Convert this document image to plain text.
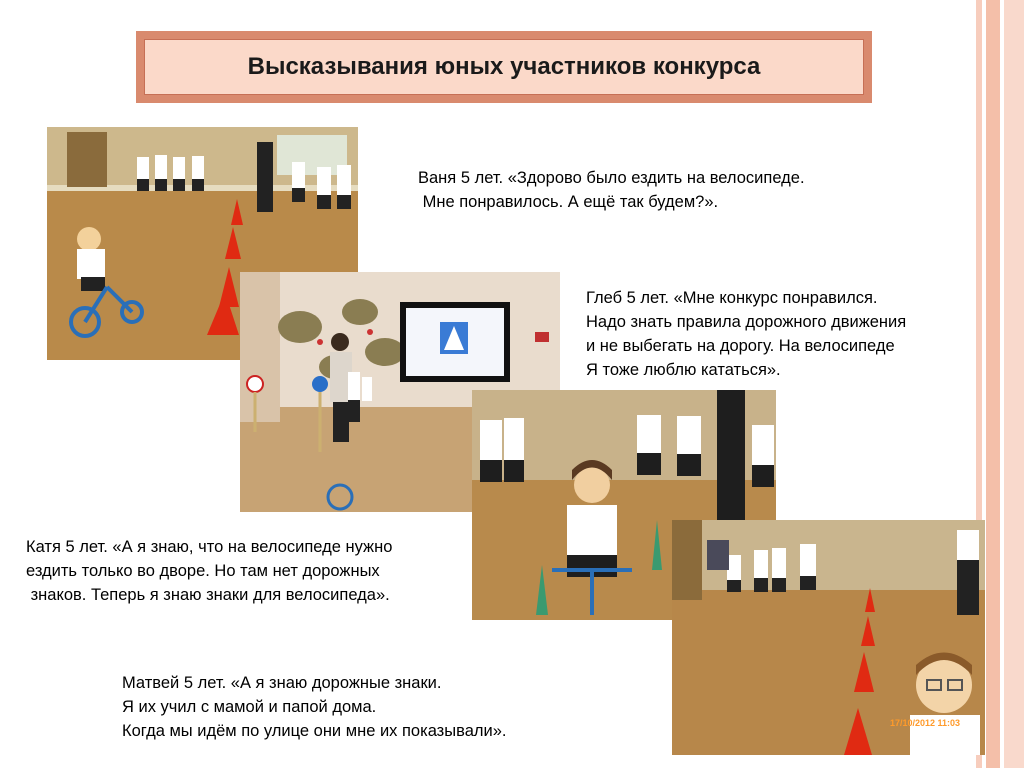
Высказывания юных участников конкурса
17/10/2012 11:03
Ваня 5 лет. «Здорово было ездить на велосипеде.
Мне понравилось. А ещё так будем?».
Глеб 5 лет. «Мне конкурс понравился.
Надо знать правила дорожного движения
и не выбегать на дорогу. На велосипеде
Я тоже люблю кататься».
Катя 5 лет. «А я знаю, что на велосипеде нужно
ездить только во дворе. Но там нет дорожных
знаков. Теперь я знаю знаки для велосипеда».
Матвей 5 лет. «А я знаю дорожные знаки.
Я их учил с мамой и папой дома.
Когда мы идём по улице они мне их показывали».
